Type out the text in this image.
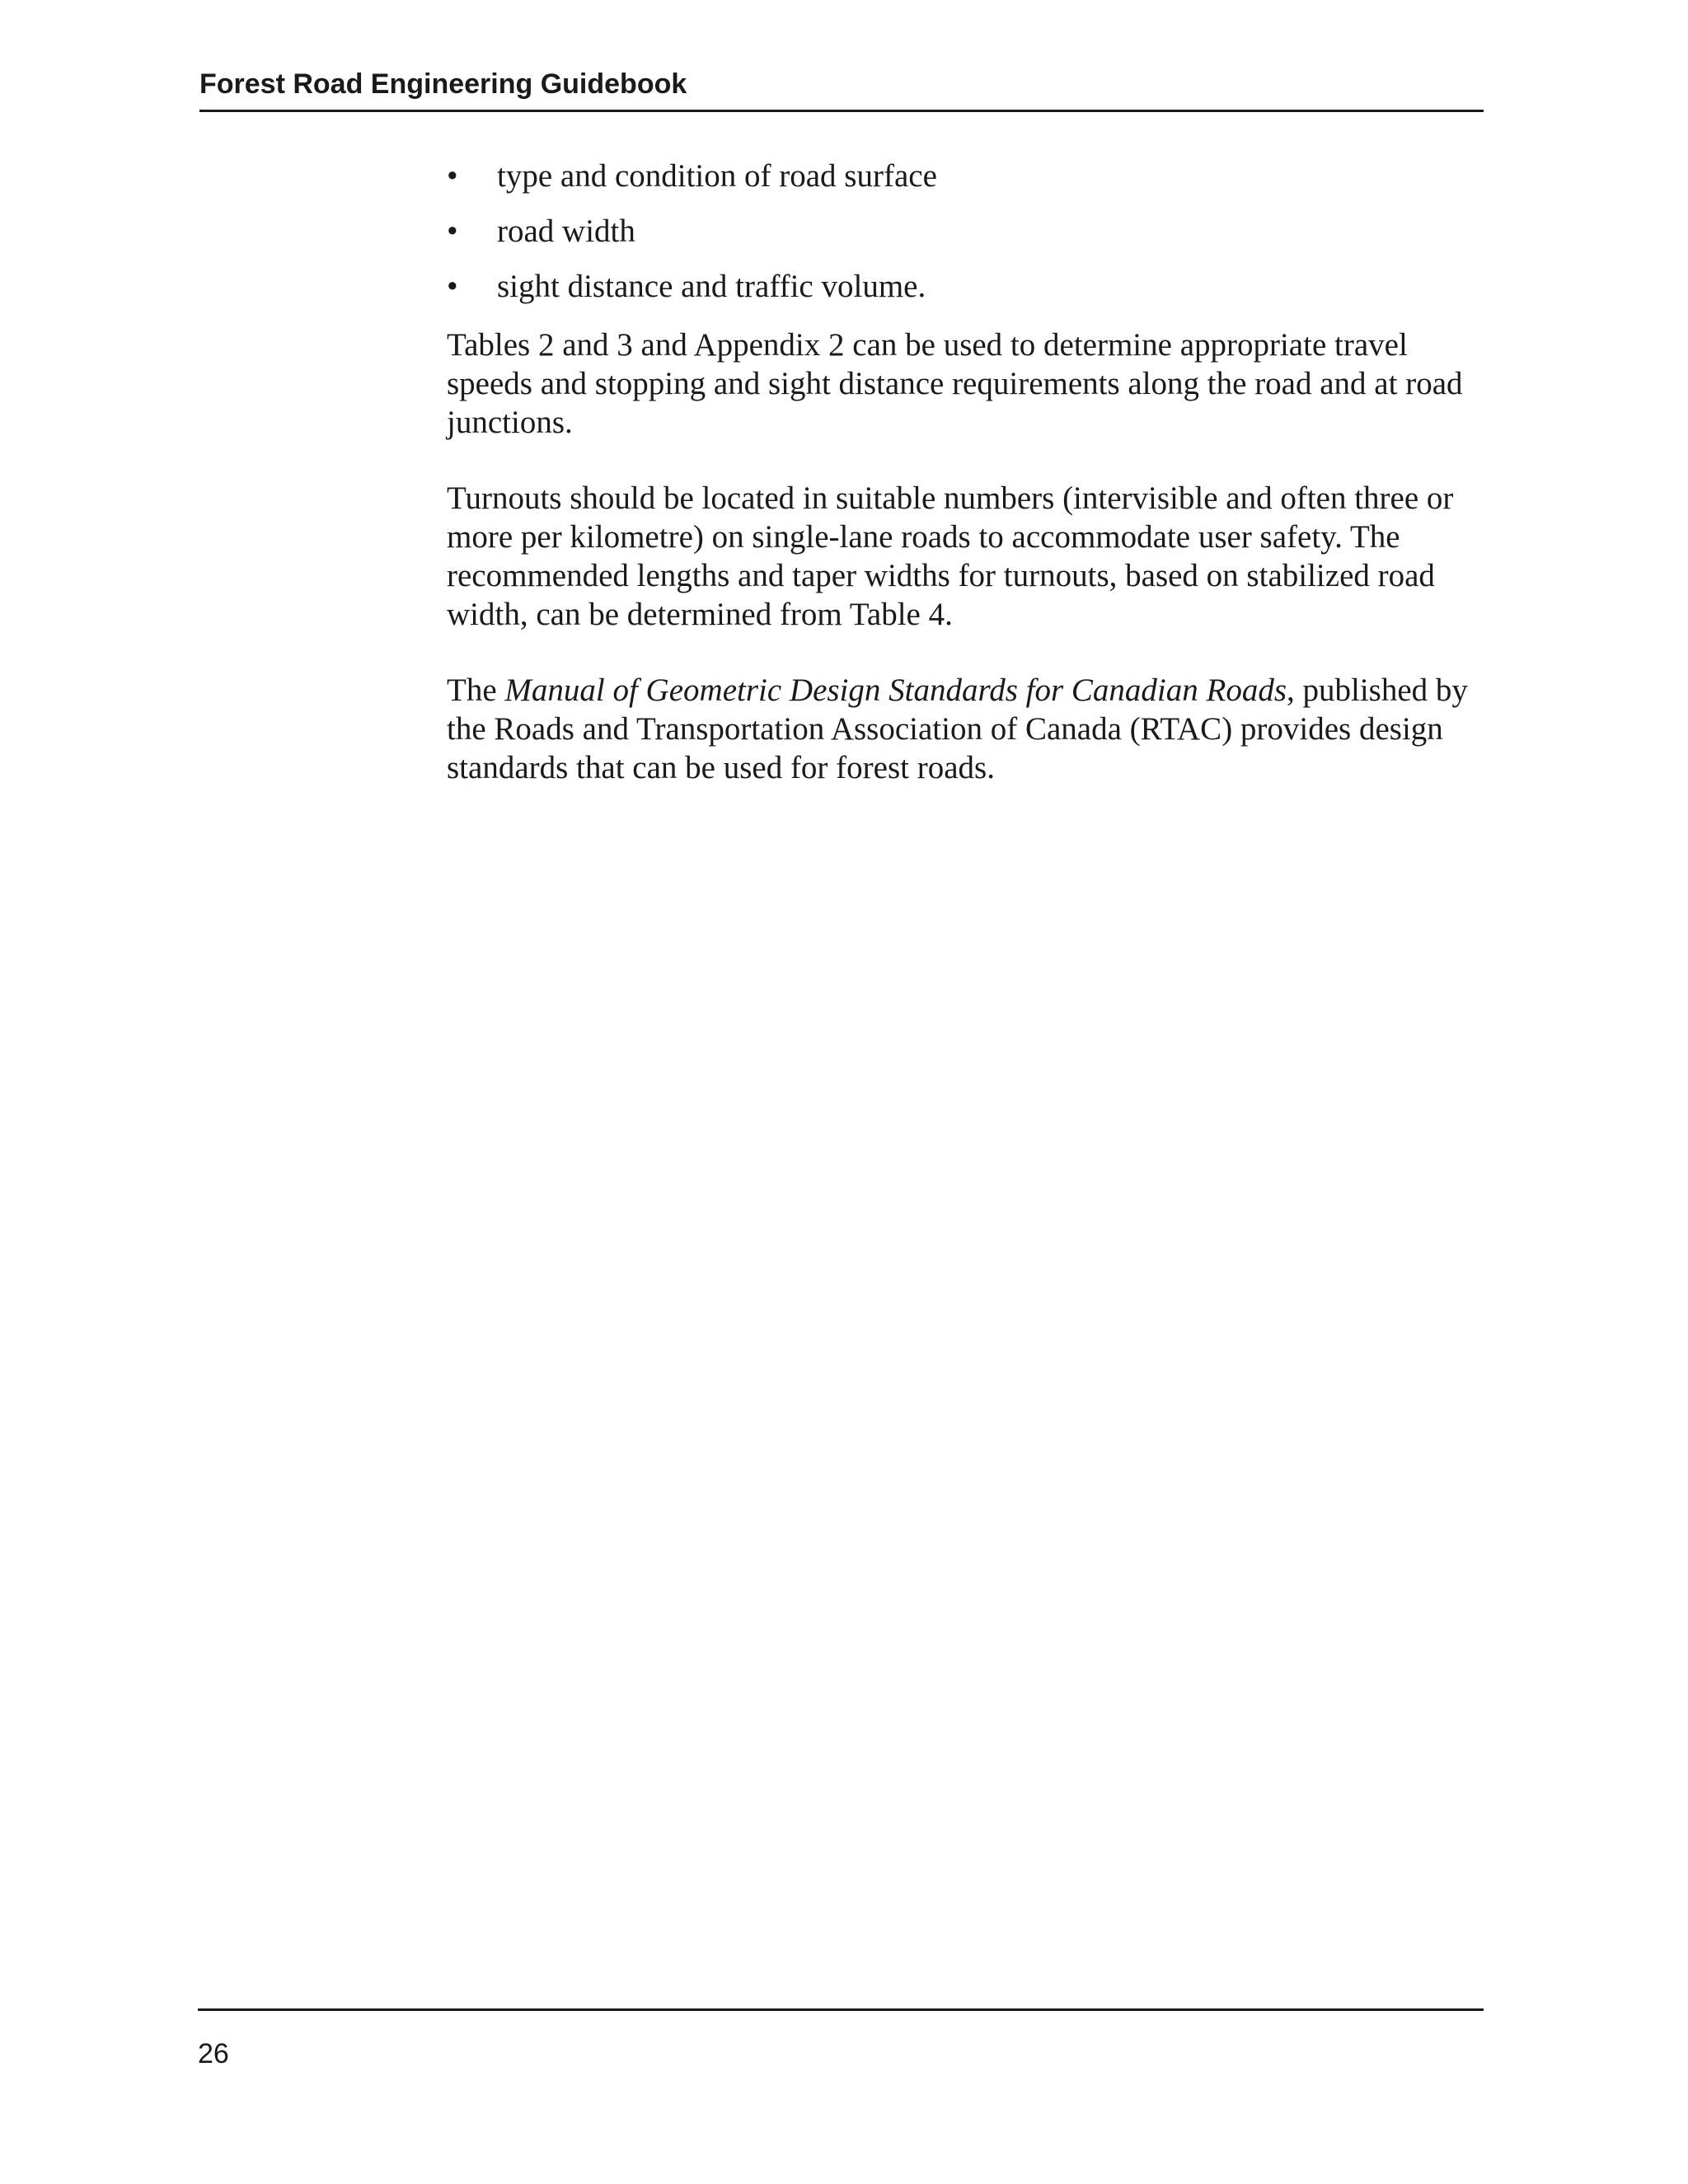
Forest Road Engineering Guidebook
• type and condition of road surface
• road width
• sight distance and traffic volume.

Tables 2 and 3 and Appendix 2 can be used to determine appropriate travel speeds and stopping and sight distance requirements along the road and at road junctions.

Turnouts should be located in suitable numbers (intervisible and often three or more per kilometre) on single-lane roads to accommodate user safety. The recommended lengths and taper widths for turnouts, based on stabilized road width, can be determined from Table 4.

The Manual of Geometric Design Standards for Canadian Roads, published by the Roads and Transportation Association of Canada (RTAC) provides design standards that can be used for forest roads.

26
